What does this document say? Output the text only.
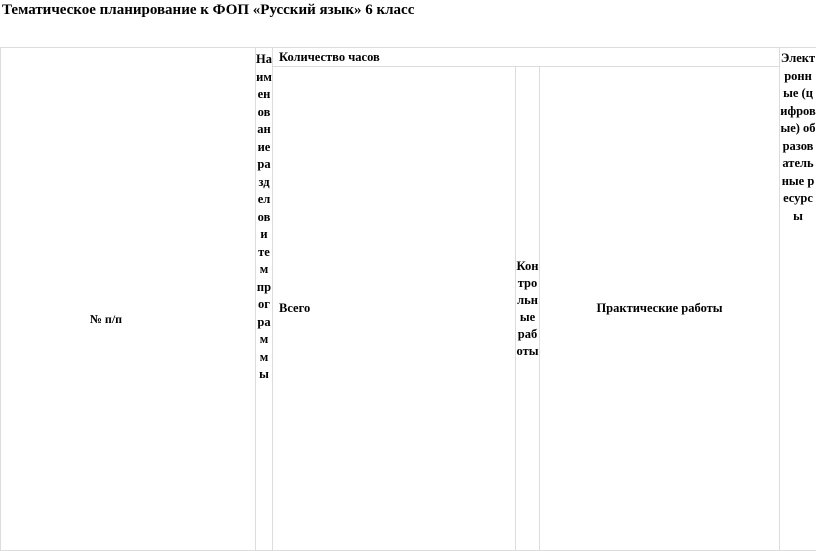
Тематическое планирование к ФОП «Русский язык» 6 класс
№ п/п	Наименование разделов и тем программы	Количество часов			Электронные (цифровые) образовательные ресурсы

		Всего	Контрольные работы	Практические работы	
